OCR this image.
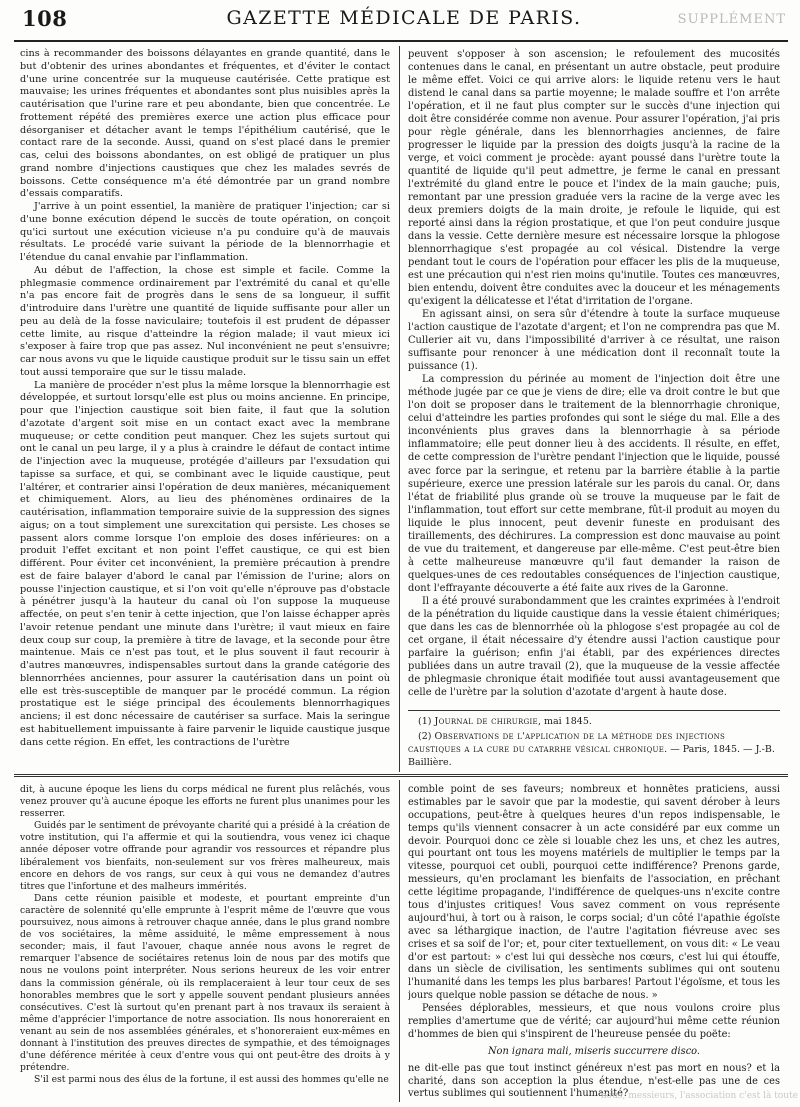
108	GAZETTE MÉDICALE DE PARIS.	SUPPLÉMENT

cins à recommander des boissons délayantes en grande quantité, dans le but d'obtenir des urines abondantes et fréquentes, et d'éviter le contact d'une urine concentrée sur la muqueuse cautérisée. Cette pratique est mauvaise; les urines fréquentes et abondantes sont plus nuisibles après la cautérisation que l'urine rare et peu abondante, bien que concentrée. Le frottement répété des premières exerce une action plus efficace pour désorganiser et détacher avant le temps l'épithélium cautérisé, que le contact rare de la seconde. Aussi, quand on s'est placé dans le premier cas, celui des boissons abondantes, on est obligé de pratiquer un plus grand nombre d'injections caustiques que chez les malades sevrés de boissons. Cette conséquence m'a été démontrée par un grand nombre d'essais comparatifs.

J'arrive à un point essentiel, la manière de pratiquer l'injection; car si d'une bonne exécution dépend le succès de toute opération, on conçoit qu'ici surtout une exécution vicieuse n'a pu conduire qu'à de mauvais résultats. Le procédé varie suivant la période de la blennorrhagie et l'étendue du canal envahie par l'inflammation.

Au début de l'affection, la chose est simple et facile. Comme la phlegmasie commence ordinairement par l'extrémité du canal et qu'elle n'a pas encore fait de progrès dans le sens de sa longueur, il suffit d'introduire dans l'urètre une quantité de liquide suffisante pour aller un peu au delà de la fosse naviculaire; toutefois il est prudent de dépasser cette limite, au risque d'atteindre la région malade; il vaut mieux ici s'exposer à faire trop que pas assez. Nul inconvénient ne peut s'ensuivre; car nous avons vu que le liquide caustique produit sur le tissu sain un effet tout aussi temporaire que sur le tissu malade.

La manière de procéder n'est plus la même lorsque la blennorrhagie est développée, et surtout lorsqu'elle est plus ou moins ancienne. En principe, pour que l'injection caustique soit bien faite, il faut que la solution d'azotate d'argent soit mise en un contact exact avec la membrane muqueuse; or cette condition peut manquer. Chez les sujets surtout qui ont le canal un peu large, il y a plus à craindre le défaut de contact intime de l'injection avec la muqueuse, protégée d'ailleurs par l'exsudation qui tapisse sa surface, et qui, se combinant avec le liquide caustique, peut l'altérer, et contrarier ainsi l'opération de deux manières, mécaniquement et chimiquement. Alors, au lieu des phénomènes ordinaires de la cautérisation, inflammation temporaire suivie de la suppression des signes aigus; on a tout simplement une surexcitation qui persiste. Les choses se passent alors comme lorsque l'on emploie des doses inférieures: on a produit l'effet excitant et non point l'effet caustique, ce qui est bien différent. Pour éviter cet inconvénient, la première précaution à prendre est de faire balayer d'abord le canal par l'émission de l'urine; alors on pousse l'injection caustique, et si l'on voit qu'elle n'éprouve pas d'obstacle à pénétrer jusqu'à la hauteur du canal où l'on suppose la muqueuse affectée, on peut s'en tenir à cette injection, que l'on laisse échapper après l'avoir retenue pendant une minute dans l'urètre; il vaut mieux en faire deux coup sur coup, la première à titre de lavage, et la seconde pour être maintenue. Mais ce n'est pas tout, et le plus souvent il faut recourir à d'autres manœuvres, indispensables surtout dans la grande catégorie des blennorrhées anciennes, pour assurer la cautérisation dans un point où elle est très-susceptible de manquer par le procédé commun. La région prostatique est le siége principal des écoulements blennorrhagiques anciens; il est donc nécessaire de cautériser sa surface. Mais la seringue est habituellement impuissante à faire parvenir le liquide caustique jusque dans cette région. En effet, les contractions de l'urètre

peuvent s'opposer à son ascension; le refoulement des mucosités contenues dans le canal, en présentant un autre obstacle, peut produire le même effet. Voici ce qui arrive alors: le liquide retenu vers le haut distend le canal dans sa partie moyenne; le malade souffre et l'on arrête l'opération, et il ne faut plus compter sur le succès d'une injection qui doit être considérée comme non avenue. Pour assurer l'opération, j'ai pris pour règle générale, dans les blennorrhagies anciennes, de faire progresser le liquide par la pression des doigts jusqu'à la racine de la verge, et voici comment je procède: ayant poussé dans l'urètre toute la quantité de liquide qu'il peut admettre, je ferme le canal en pressant l'extrémité du gland entre le pouce et l'index de la main gauche; puis, remontant par une pression graduée vers la racine de la verge avec les deux premiers doigts de la main droite, je refoule le liquide, qui est reporté ainsi dans la région prostatique, et que l'on peut conduire jusque dans la vessie. Cette dernière mesure est nécessaire lorsque la phlogose blennorrhagique s'est propagée au col vésical. Distendre la verge pendant tout le cours de l'opération pour effacer les plis de la muqueuse, est une précaution qui n'est rien moins qu'inutile. Toutes ces manœuvres, bien entendu, doivent être conduites avec la douceur et les ménagements qu'exigent la délicatesse et l'état d'irritation de l'organe.

En agissant ainsi, on sera sûr d'étendre à toute la surface muqueuse l'action caustique de l'azotate d'argent; et l'on ne comprendra pas que M. Cullerier ait vu, dans l'impossibilité d'arriver à ce résultat, une raison suffisante pour renoncer à une médication dont il reconnaît toute la puissance (1).

La compression du périnée au moment de l'injection doit être une méthode jugée par ce que je viens de dire; elle va droit contre le but que l'on doit se proposer dans le traitement de la blennorrhagie chronique, celui d'atteindre les parties profondes qui sont le siége du mal. Elle a des inconvénients plus graves dans la blennorrhagie à sa période inflammatoire; elle peut donner lieu à des accidents. Il résulte, en effet, de cette compression de l'urètre pendant l'injection que le liquide, poussé avec force par la seringue, et retenu par la barrière établie à la partie supérieure, exerce une pression latérale sur les parois du canal. Or, dans l'état de friabilité plus grande où se trouve la muqueuse par le fait de l'inflammation, tout effort sur cette membrane, fût-il produit au moyen du liquide le plus innocent, peut devenir funeste en produisant des tiraillements, des déchirures. La compression est donc mauvaise au point de vue du traitement, et dangereuse par elle-même. C'est peut-être bien à cette malheureuse manœuvre qu'il faut demander la raison de quelques-unes de ces redoutables conséquences de l'injection caustique, dont l'effrayante découverte a été faite aux rives de la Garonne.

Il a été prouvé surabondamment que les craintes exprimées à l'endroit de la pénétration du liquide caustique dans la vessie étaient chimériques; que dans les cas de blennorrhée où la phlogose s'est propagée au col de cet organe, il était nécessaire d'y étendre aussi l'action caustique pour parfaire la guérison; enfin j'ai établi, par des expériences directes publiées dans un autre travail (2), que la muqueuse de la vessie affectée de phlegmasie chronique était modifiée tout aussi avantageusement que celle de l'urètre par la solution d'azotate d'argent à haute dose.

(1) Journal de chirurgie, mai 1845.

(2) Observations de l'application de la méthode des injections caustiques a la cure du catarrhe vésical chronique. — Paris, 1845. — J.-B. Baillière.

dit, à aucune époque les liens du corps médical ne furent plus relâchés, vous venez prouver qu'à aucune époque les efforts ne furent plus unanimes pour les resserrer.

Guidés par le sentiment de prévoyante charité qui a présidé à la création de votre institution, qui l'a affermie et qui la soutiendra, vous venez ici chaque année déposer votre offrande pour agrandir vos ressources et répandre plus libéralement vos bienfaits, non-seulement sur vos frères malheureux, mais encore en dehors de vos rangs, sur ceux à qui vous ne demandez d'autres titres que l'infortune et des malheurs immérités.

Dans cette réunion paisible et modeste, et pourtant empreinte d'un caractère de solennité qu'elle emprunte à l'esprit même de l'œuvre que vous poursuivez, nous aimons à retrouver chaque année, dans le plus grand nombre de vos sociétaires, la même assiduité, le même empressement à nous seconder; mais, il faut l'avouer, chaque année nous avons le regret de remarquer l'absence de sociétaires retenus loin de nous par des motifs que nous ne voulons point interpréter. Nous serions heureux de les voir entrer dans la commission générale, où ils remplaceraient à leur tour ceux de ses honorables membres que le sort y appelle souvent pendant plusieurs années consécutives. C'est là surtout qu'en prenant part à nos travaux ils seraient à même d'apprécier l'importance de notre association. Ils nous honoreraient en venant au sein de nos assemblées générales, et s'honoreraient eux-mêmes en donnant à l'institution des preuves directes de sympathie, et des témoignages d'une déférence méritée à ceux d'entre vous qui ont peut-être des droits à y prétendre.

S'il est parmi nous des élus de la fortune, il est aussi des hommes qu'elle ne

comble point de ses faveurs; nombreux et honnêtes praticiens, aussi estimables par le savoir que par la modestie, qui savent dérober à leurs occupations, peut-être à quelques heures d'un repos indispensable, le temps qu'ils viennent consacrer à un acte considéré par eux comme un devoir. Pourquoi donc ce zèle si louable chez les uns, et chez les autres, qui pourtant ont tous les moyens matériels de multiplier le temps par la vitesse, pourquoi cet oubli, pourquoi cette indifférence? Prenons garde, messieurs, qu'en proclamant les bienfaits de l'association, en prêchant cette légitime propagande, l'indifférence de quelques-uns n'excite contre tous d'injustes critiques! Vous savez comment on vous représente aujourd'hui, à tort ou à raison, le corps social; d'un côté l'apathie égoïste avec sa léthargique inaction, de l'autre l'agitation fiévreuse avec ses crises et sa soif de l'or; et, pour citer textuellement, on vous dit: « Le veau d'or est partout: » c'est lui qui dessèche nos cœurs, c'est lui qui étouffe, dans un siècle de civilisation, les sentiments sublimes qui ont soutenu l'humanité dans les temps les plus barbares! Partout l'égoïsme, et tous les jours quelque noble passion se détache de nous. »

Pensées déplorables, messieurs, et que nous voulons croire plus remplies d'amertume que de vérité; car aujourd'hui même cette réunion d'hommes de bien qui s'inspirent de l'heureuse pensée du poëte:

Non ignara mali, miseris succurrere disco.

ne dit-elle pas que tout instinct généreux n'est pas mort en nous? et la charité, dans son acception la plus étendue, n'est-elle pas une de ces vertus sublimes qui soutiennent l'humanité?

nous, messieurs, l'association c'est là toute
